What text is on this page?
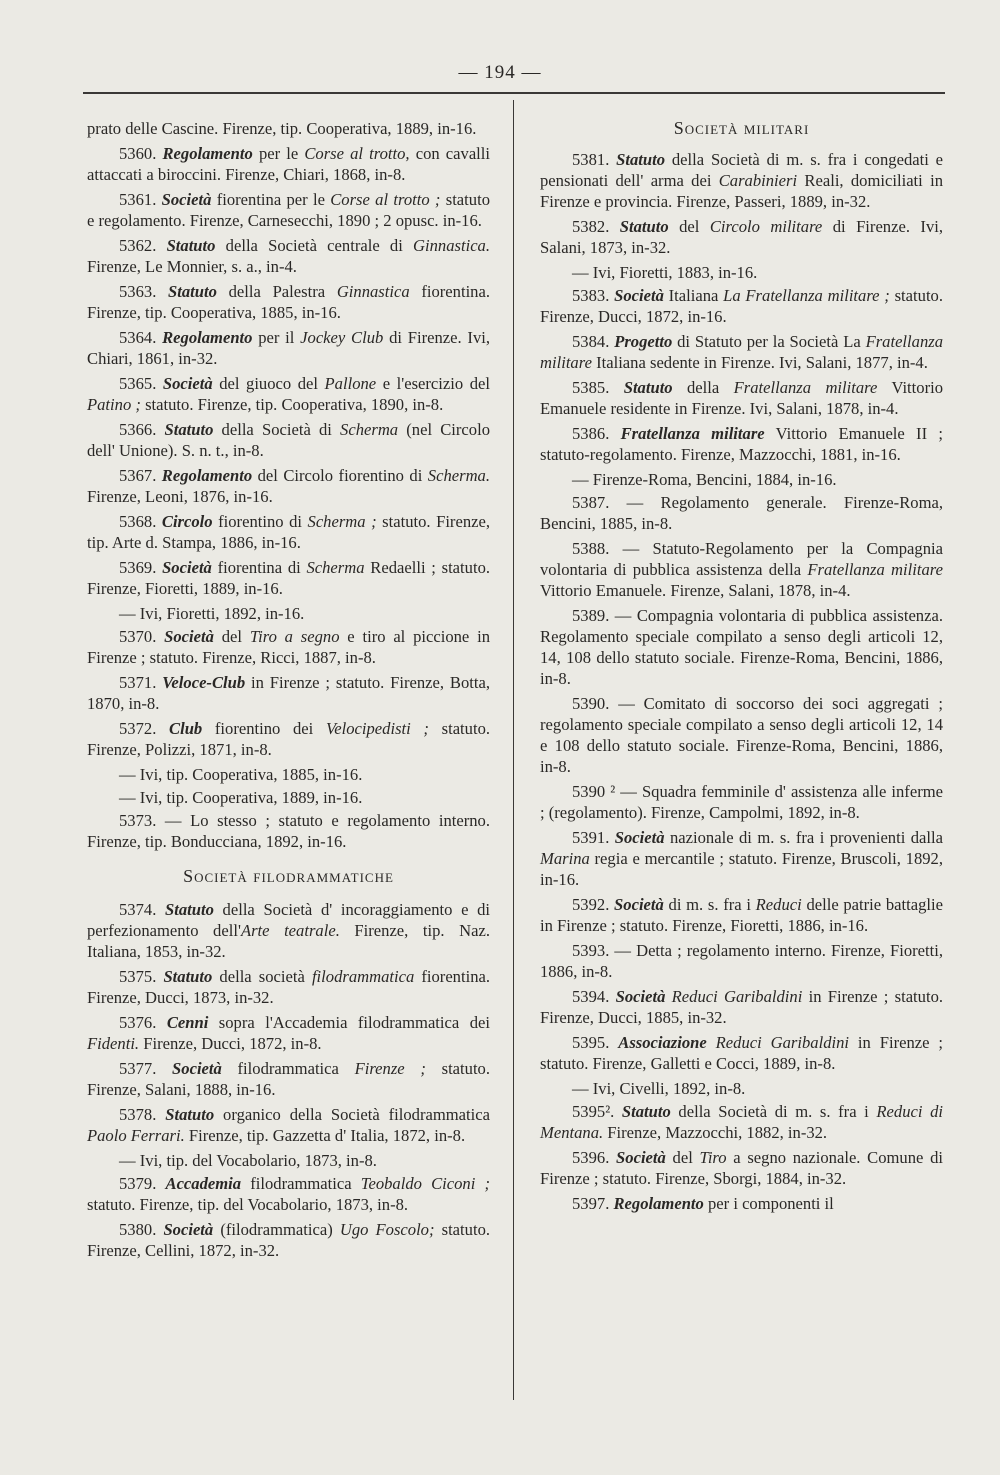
— 194 —

prato delle Cascine. Firenze, tip. Cooperativa, 1889, in-16.

5360. Regolamento per le Corse al trotto, con cavalli attaccati a biroccini. Firenze, Chiari, 1868, in-8.

5361. Società fiorentina per le Corse al trotto ; statuto e regolamento. Firenze, Carnesecchi, 1890 ; 2 opusc. in-16.

5362. Statuto della Società centrale di Ginnastica. Firenze, Le Monnier, s. a., in-4.

5363. Statuto della Palestra Ginnastica fiorentina. Firenze, tip. Cooperativa, 1885, in-16.

5364. Regolamento per il Jockey Club di Firenze. Ivi, Chiari, 1861, in-32.

5365. Società del giuoco del Pallone e l'esercizio del Patino ; statuto. Firenze, tip. Cooperativa, 1890, in-8.

5366. Statuto della Società di Scherma (nel Circolo dell' Unione). S. n. t., in-8.

5367. Regolamento del Circolo fiorentino di Scherma. Firenze, Leoni, 1876, in-16.

5368. Circolo fiorentino di Scherma ; statuto. Firenze, tip. Arte d. Stampa, 1886, in-16.

5369. Società fiorentina di Scherma Redaelli ; statuto. Firenze, Fioretti, 1889, in-16.

— Ivi, Fioretti, 1892, in-16.

5370. Società del Tiro a segno e tiro al piccione in Firenze ; statuto. Firenze, Ricci, 1887, in-8.

5371. Veloce-Club in Firenze ; statuto. Firenze, Botta, 1870, in-8.

5372. Club fiorentino dei Velocipedisti ; statuto. Firenze, Polizzi, 1871, in-8.

— Ivi, tip. Cooperativa, 1885, in-16.

— Ivi, tip. Cooperativa, 1889, in-16.

5373. — Lo stesso ; statuto e regolamento interno. Firenze, tip. Bonducciana, 1892, in-16.

Società filodrammatiche

5374. Statuto della Società d' incoraggiamento e di perfezionamento dell'Arte teatrale. Firenze, tip. Naz. Italiana, 1853, in-32.

5375. Statuto della società filodrammatica fiorentina. Firenze, Ducci, 1873, in-32.

5376. Cenni sopra l'Accademia filodrammatica dei Fidenti. Firenze, Ducci, 1872, in-8.

5377. Società filodrammatica Firenze ; statuto. Firenze, Salani, 1888, in-16.

5378. Statuto organico della Società filodrammatica Paolo Ferrari. Firenze, tip. Gazzetta d' Italia, 1872, in-8.

— Ivi, tip. del Vocabolario, 1873, in-8.

5379. Accademia filodrammatica Teobaldo Ciconi ; statuto. Firenze, tip. del Vocabolario, 1873, in-8.

5380. Società (filodrammatica) Ugo Foscolo; statuto. Firenze, Cellini, 1872, in-32.

Società militari

5381. Statuto della Società di m. s. fra i congedati e pensionati dell' arma dei Carabinieri Reali, domiciliati in Firenze e provincia. Firenze, Passeri, 1889, in-32.

5382. Statuto del Circolo militare di Firenze. Ivi, Salani, 1873, in-32.

— Ivi, Fioretti, 1883, in-16.

5383. Società Italiana La Fratellanza militare ; statuto. Firenze, Ducci, 1872, in-16.

5384. Progetto di Statuto per la Società La Fratellanza militare Italiana sedente in Firenze. Ivi, Salani, 1877, in-4.

5385. Statuto della Fratellanza militare Vittorio Emanuele residente in Firenze. Ivi, Salani, 1878, in-4.

5386. Fratellanza militare Vittorio Emanuele II ; statuto-regolamento. Firenze, Mazzocchi, 1881, in-16.

— Firenze-Roma, Bencini, 1884, in-16.

5387. — Regolamento generale. Firenze-Roma, Bencini, 1885, in-8.

5388. — Statuto-Regolamento per la Compagnia volontaria di pubblica assistenza della Fratellanza militare Vittorio Emanuele. Firenze, Salani, 1878, in-4.

5389. — Compagnia volontaria di pubblica assistenza. Regolamento speciale compilato a senso degli articoli 12, 14, 108 dello statuto sociale. Firenze-Roma, Bencini, 1886, in-8.

5390. — Comitato di soccorso dei soci aggregati ; regolamento speciale compilato a senso degli articoli 12, 14 e 108 dello statuto sociale. Firenze-Roma, Bencini, 1886, in-8.

5390 ² — Squadra femminile d' assistenza alle inferme ; (regolamento). Firenze, Campolmi, 1892, in-8.

5391. Società nazionale di m. s. fra i provenienti dalla Marina regia e mercantile ; statuto. Firenze, Bruscoli, 1892, in-16.

5392. Società di m. s. fra i Reduci delle patrie battaglie in Firenze ; statuto. Firenze, Fioretti, 1886, in-16.

5393. — Detta ; regolamento interno. Firenze, Fioretti, 1886, in-8.

5394. Società Reduci Garibaldini in Firenze ; statuto. Firenze, Ducci, 1885, in-32.

5395. Associazione Reduci Garibaldini in Firenze ; statuto. Firenze, Galletti e Cocci, 1889, in-8.

— Ivi, Civelli, 1892, in-8.

5395². Statuto della Società di m. s. fra i Reduci di Mentana. Firenze, Mazzocchi, 1882, in-32.

5396. Società del Tiro a segno nazionale. Comune di Firenze ; statuto. Firenze, Sborgi, 1884, in-32.

5397. Regolamento per i componenti il
